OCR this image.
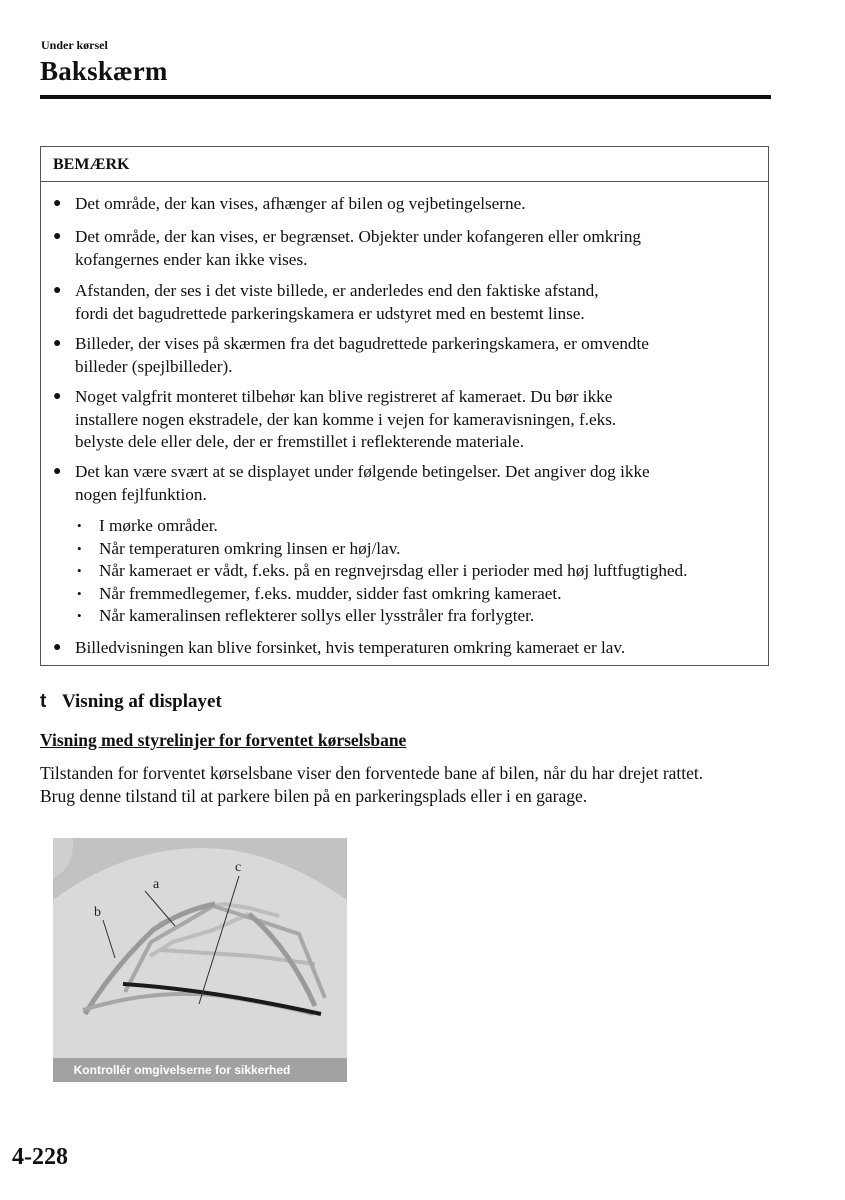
Under kørsel
Bakskærm
BEMÆRK
● Det område, der kan vises, afhænger af bilen og vejbetingelserne.
● Det område, der kan vises, er begrænset. Objekter under kofangeren eller omkring
kofangernes ender kan ikke vises.
● Afstanden, der ses i det viste billede, er anderledes end den faktiske afstand,
fordi det bagudrettede parkeringskamera er udstyret med en bestemt linse.
● Billeder, der vises på skærmen fra det bagudrettede parkeringskamera, er omvendte
billeder (spejlbilleder).
● Noget valgfrit monteret tilbehør kan blive registreret af kameraet. Du bør ikke
installere nogen ekstradele, der kan komme i vejen for kameravisningen, f.eks.
belyste dele eller dele, der er fremstillet i reflekterende materiale.
● Det kan være svært at se displayet under følgende betingelser. Det angiver dog ikke
nogen fejlfunktion.
• I mørke områder.
• Når temperaturen omkring linsen er høj/lav.
• Når kameraet er vådt, f.eks. på en regnvejrsdag eller i perioder med høj luftfugtighed.
• Når fremmedlegemer, f.eks. mudder, sidder fast omkring kameraet.
• Når kameralinsen reflekterer sollys eller lysstråler fra forlygter.
● Billedvisningen kan blive forsinket, hvis temperaturen omkring kameraet er lav.
t Visning af displayet
Visning med styrelinjer for forventet kørselsbane
Tilstanden for forventet kørselsbane viser den forventede bane af bilen, når du har drejet rattet.
Brug denne tilstand til at parkere bilen på en parkeringsplads eller i en garage.
a
b
c
Kontrollér omgivelserne for sikkerhed
4-228
